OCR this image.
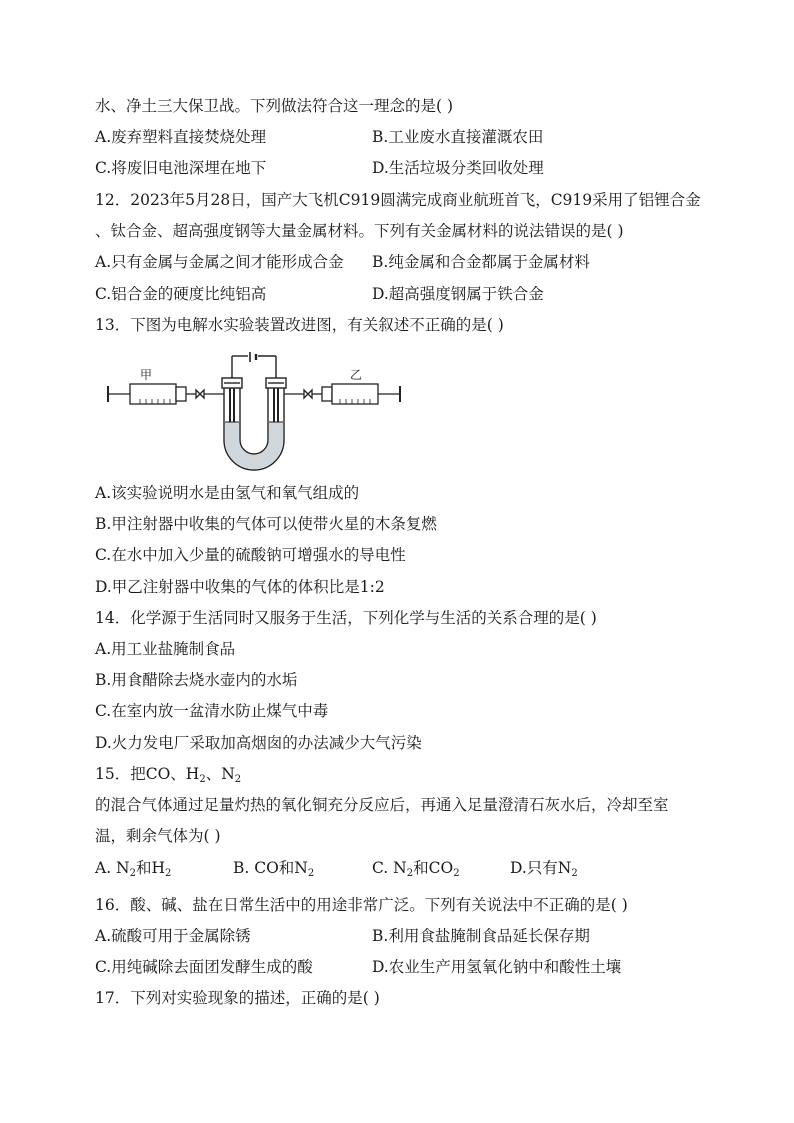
水、净土三大保卫战。下列做法符合这一理念的是( )
A.废弃塑料直接焚烧处理	B.工业废水直接灌溉农田
C.将废旧电池深埋在地下	D.生活垃圾分类回收处理
12．2023年5月28日，国产大飞机C919圆满完成商业航班首飞，C919采用了铝锂合金
、钛合金、超高强度钢等大量金属材料。下列有关金属材料的说法错误的是( )
A.只有金属与金属之间才能形成合金 B.纯金属和合金都属于金属材料
C.铝合金的硬度比纯铝高	D.超高强度钢属于铁合金
13．下图为电解水实验装置改进图，有关叙述不正确的是( )
甲	乙
A.该实验说明水是由氢气和氧气组成的
B.甲注射器中收集的气体可以使带火星的木条复燃
C.在水中加入少量的硫酸钠可增强水的导电性
D.甲乙注射器中收集的气体的体积比是1:2
14．化学源于生活同时又服务于生活，下列化学与生活的关系合理的是( )
A.用工业盐腌制食品
B.用食醋除去烧水壶内的水垢
C.在室内放一盆清水防止煤气中毒
D.火力发电厂采取加高烟囱的办法减少大气污染
15．把CO、$H_2$、$N_2$
的混合气体通过足量灼热的氧化铜充分反应后，再通入足量澄清石灰水后，冷却至室
温，剩余气体为( )
A. $N_2$和$H_2$	B. CO和$N_2$	C. $N_2$和$CO_2$	D.只有$N_2$
16．酸、碱、盐在日常生活中的用途非常广泛。下列有关说法中不正确的是( )
A.硫酸可用于金属除锈	B.利用食盐腌制食品延长保存期
C.用纯碱除去面团发酵生成的酸	D.农业生产用氢氧化钠中和酸性土壤
17．下列对实验现象的描述，正确的是( )
